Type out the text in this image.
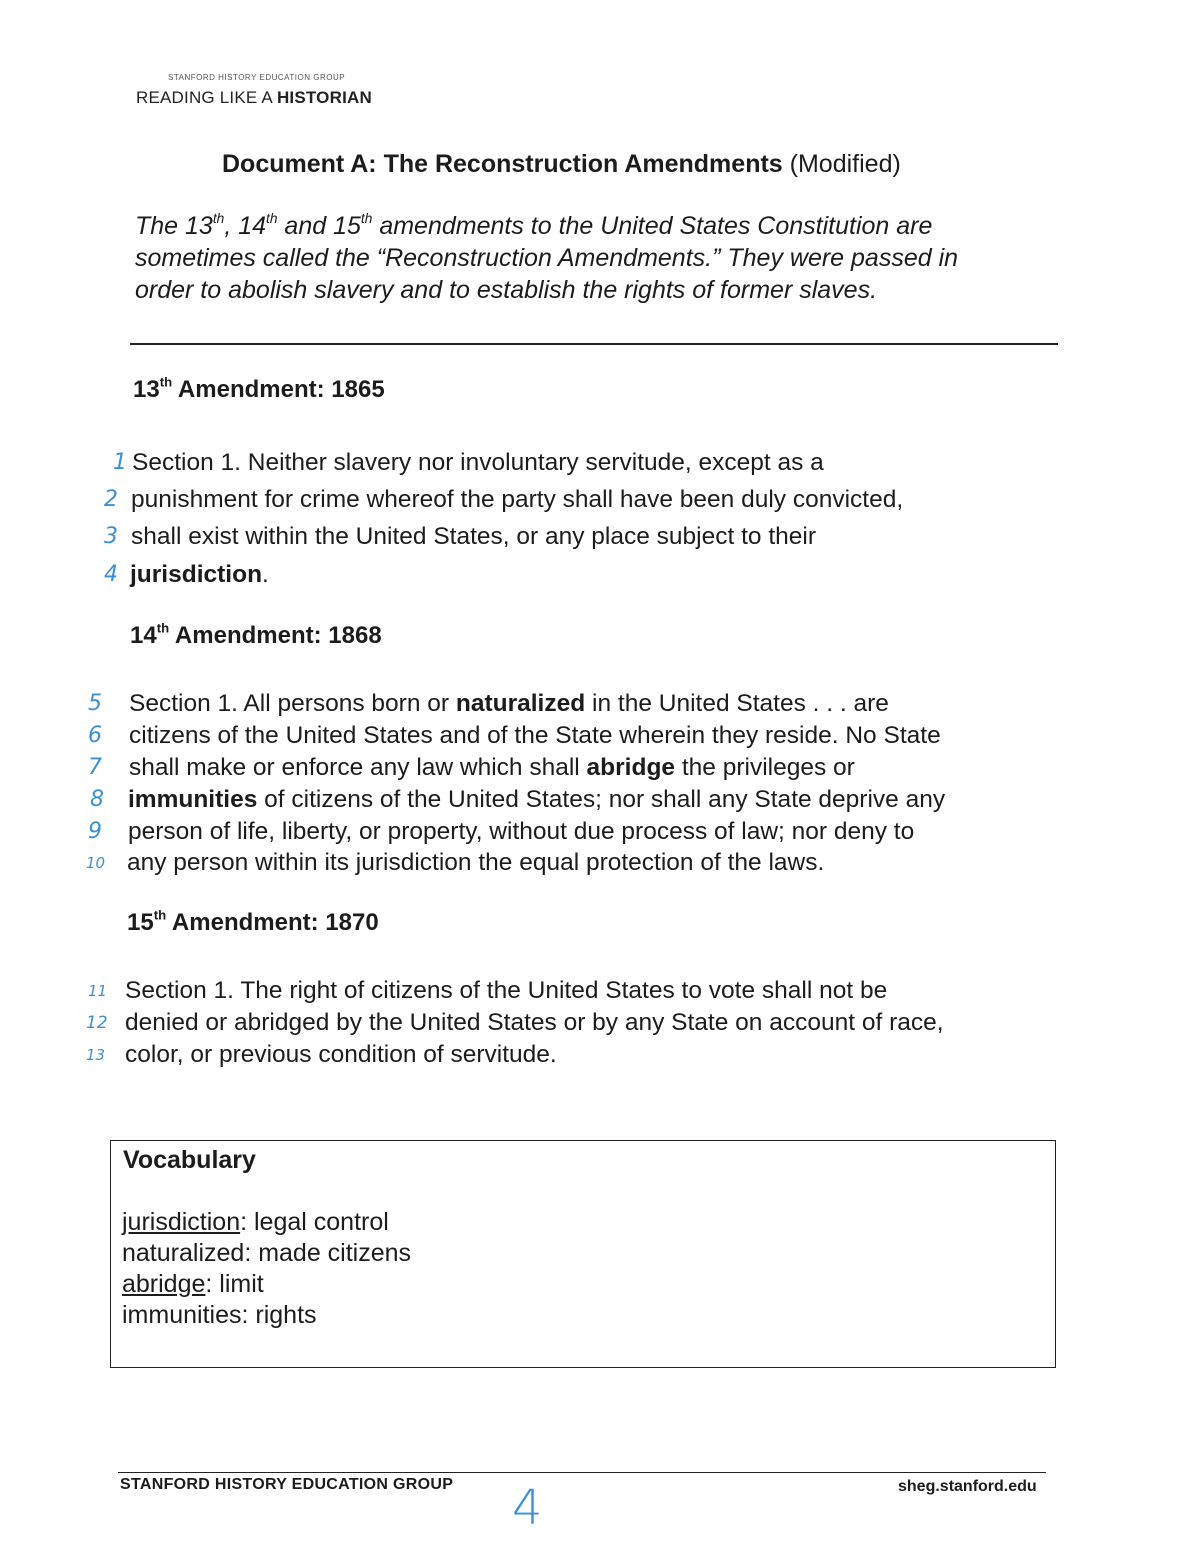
STANFORD HISTORY EDUCATION GROUP
READING LIKE A HISTORIAN
Document A: The Reconstruction Amendments (Modified)
The 13th, 14th and 15th amendments to the United States Constitution are
sometimes called the “Reconstruction Amendments.” They were passed in
order to abolish slavery and to establish the rights of former slaves.
13th Amendment: 1865
1 Section 1. Neither slavery nor involuntary servitude, except as a
2 punishment for crime whereof the party shall have been duly convicted,
3 shall exist within the United States, or any place subject to their
4 jurisdiction.
14th Amendment: 1868
5 Section 1. All persons born or naturalized in the United States . . . are
6 citizens of the United States and of the State wherein they reside. No State
7 shall make or enforce any law which shall abridge the privileges or
8 immunities of citizens of the United States; nor shall any State deprive any
9 person of life, liberty, or property, without due process of law; nor deny to
10 any person within its jurisdiction the equal protection of the laws.
15th Amendment: 1870
11 Section 1. The right of citizens of the United States to vote shall not be
12 denied or abridged by the United States or by any State on account of race,
13 color, or previous condition of servitude.
Vocabulary
jurisdiction: legal control
naturalized: made citizens
abridge: limit
immunities: rights
STANFORD HISTORY EDUCATION GROUP	sheg.stanford.edu
4
